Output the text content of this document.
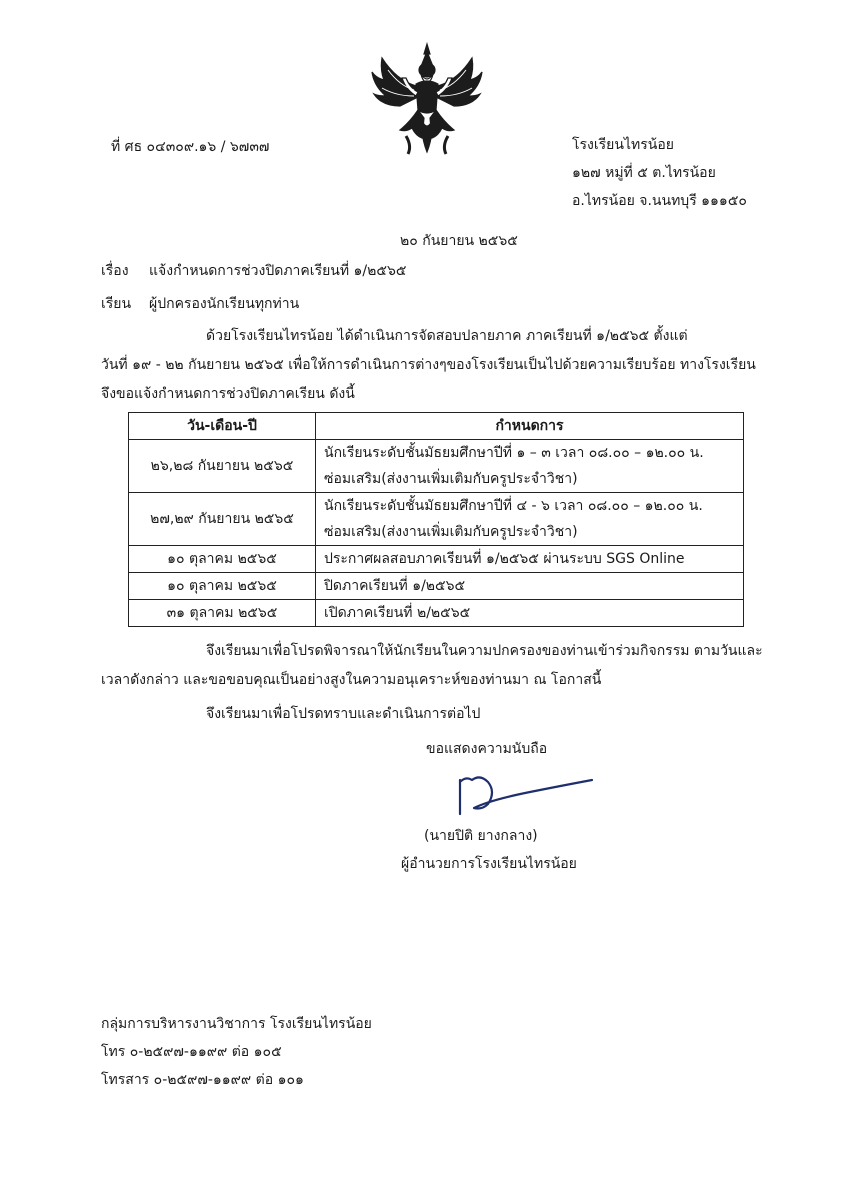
ที่ ศธ ๐๔๓๐๙.๑๖ / ๖๗๓๗	โรงเรียนไทรน้อย
๑๒๗ หมู่ที่ ๕ ต.ไทรน้อย
อ.ไทรน้อย จ.นนทบุรี ๑๑๑๕๐
๒๐ กันยายน ๒๕๖๕
เรื่อง แจ้งกำหนดการช่วงปิดภาคเรียนที่ ๑/๒๕๖๕
เรียน ผู้ปกครองนักเรียนทุกท่าน
ด้วยโรงเรียนไทรน้อย ได้ดำเนินการจัดสอบปลายภาค ภาคเรียนที่ ๑/๒๕๖๕ ตั้งแต่
วันที่ ๑๙ - ๒๒ กันยายน ๒๕๖๕ เพื่อให้การดำเนินการต่างๆของโรงเรียนเป็นไปด้วยความเรียบร้อย ทางโรงเรียน
จึงขอแจ้งกำหนดการช่วงปิดภาคเรียน ดังนี้
วัน-เดือน-ปี	กำหนดการ
๒๖,๒๘ กันยายน ๒๕๖๕	นักเรียนระดับชั้นมัธยมศึกษาปีที่ ๑ – ๓ เวลา ๐๘.๐๐ – ๑๒.๐๐ น.
ซ่อมเสริม(ส่งงานเพิ่มเติมกับครูประจำวิชา)

๒๗,๒๙ กันยายน ๒๕๖๕	นักเรียนระดับชั้นมัธยมศึกษาปีที่ ๔ - ๖ เวลา ๐๘.๐๐ – ๑๒.๐๐ น.
ซ่อมเสริม(ส่งงานเพิ่มเติมกับครูประจำวิชา)

๑๐ ตุลาคม ๒๕๖๕	ประกาศผลสอบภาคเรียนที่ ๑/๒๕๖๕ ผ่านระบบ SGS Online
๑๐ ตุลาคม ๒๕๖๕	ปิดภาคเรียนที่ ๑/๒๕๖๕
๓๑ ตุลาคม ๒๕๖๕	เปิดภาคเรียนที่ ๒/๒๕๖๕
จึงเรียนมาเพื่อโปรดพิจารณาให้นักเรียนในความปกครองของท่านเข้าร่วมกิจกรรม ตามวันและ
เวลาดังกล่าว และขอขอบคุณเป็นอย่างสูงในความอนุเคราะห์ของท่านมา ณ โอกาสนี้
จึงเรียนมาเพื่อโปรดทราบและดำเนินการต่อไป
ขอแสดงความนับถือ
(นายปิติ ยางกลาง)
ผู้อำนวยการโรงเรียนไทรน้อย
กลุ่มการบริหารงานวิชาการ โรงเรียนไทรน้อย
โทร ๐-๒๕๙๗-๑๑๙๙ ต่อ ๑๐๕
โทรสาร ๐-๒๕๙๗-๑๑๙๙ ต่อ ๑๐๑
